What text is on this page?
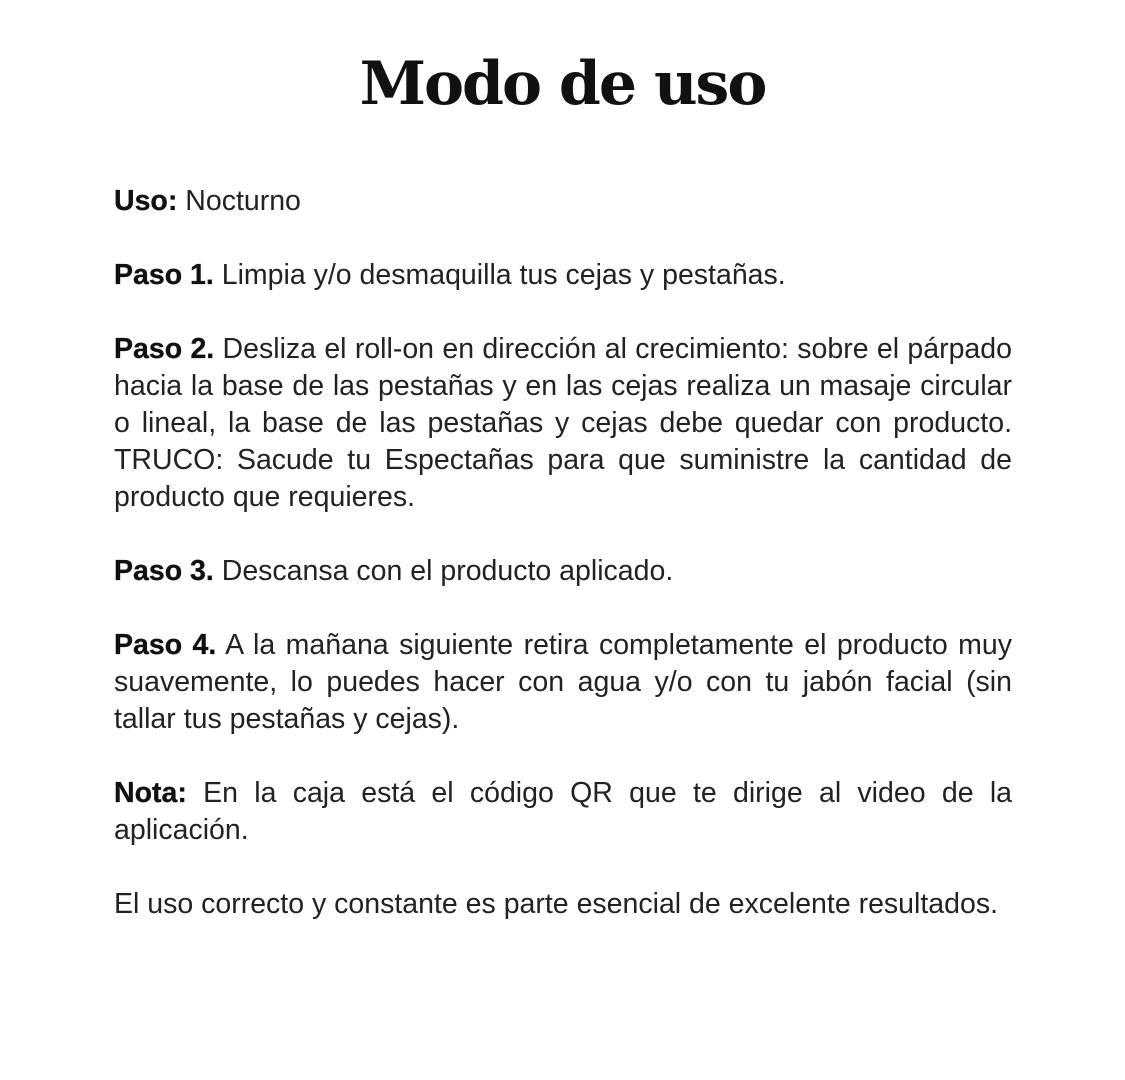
Modo de uso

Uso: Nocturno

Paso 1. Limpia y/o desmaquilla tus cejas y pestañas.

Paso 2. Desliza el roll-on en dirección al crecimiento: sobre el párpado hacia la base de las pestañas y en las cejas realiza un masaje circular o lineal, la base de las pestañas y cejas debe quedar con producto. TRUCO: Sacude tu Espectañas para que suministre la cantidad de producto que requieres.

Paso 3. Descansa con el producto aplicado.

Paso 4. A la mañana siguiente retira completamente el producto muy suavemente, lo puedes hacer con agua y/o con tu jabón facial (sin tallar tus pestañas y cejas).

Nota: En la caja está el código QR que te dirige al video de la aplicación.

El uso correcto y constante es parte esencial de excelente resultados.
